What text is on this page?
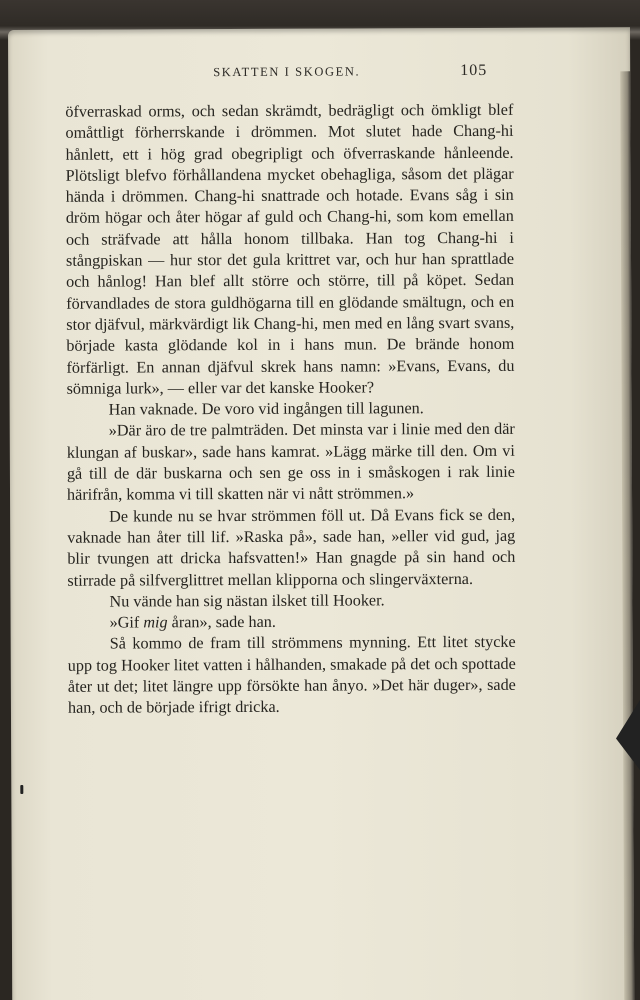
SKATTEN I SKOGEN.	105

öfverraskad orms, och sedan skrämdt, bedrägligt och ömkligt blef omåttligt förherrskande i drömmen. Mot slutet hade Chang-hi hånlett, ett i hög grad obegripligt och öfverraskande hånleende. Plötsligt blefvo förhållandena mycket obehagliga, såsom det plägar hända i drömmen. Chang-hi snattrade och hotade. Evans såg i sin dröm högar och åter högar af guld och Chang-hi, som kom emellan och sträfvade att hålla honom tillbaka. Han tog Chang-hi i stångpiskan — hur stor det gula krittret var, och hur han sprattlade och hånlog! Han blef allt större och större, till på köpet. Sedan förvandlades de stora guldhögarna till en glödande smältugn, och en stor djäfvul, märkvärdigt lik Chang-hi, men med en lång svart svans, började kasta glödande kol in i hans mun. De brände honom förfärligt. En annan djäfvul skrek hans namn: »Evans, Evans, du sömniga lurk», — eller var det kanske Hooker?

Han vaknade. De voro vid ingången till lagunen.

»Där äro de tre palmträden. Det minsta var i linie med den där klungan af buskar», sade hans kamrat. »Lägg märke till den. Om vi gå till de där buskarna och sen ge oss in i småskogen i rak linie härifrån, komma vi till skatten när vi nått strömmen.»

De kunde nu se hvar strömmen föll ut. Då Evans fick se den, vaknade han åter till lif. »Raska på», sade han, »eller vid gud, jag blir tvungen att dricka hafsvatten!» Han gnagde på sin hand och stirrade på silfverglittret mellan klipporna och slingerväxterna.

Nu vände han sig nästan ilsket till Hooker.

»Gif mig åran», sade han.

Så kommo de fram till strömmens mynning. Ett litet stycke upp tog Hooker litet vatten i hålhanden, smakade på det och spottade åter ut det; litet längre upp försökte han ånyo. »Det här duger», sade han, och de började ifrigt dricka.
